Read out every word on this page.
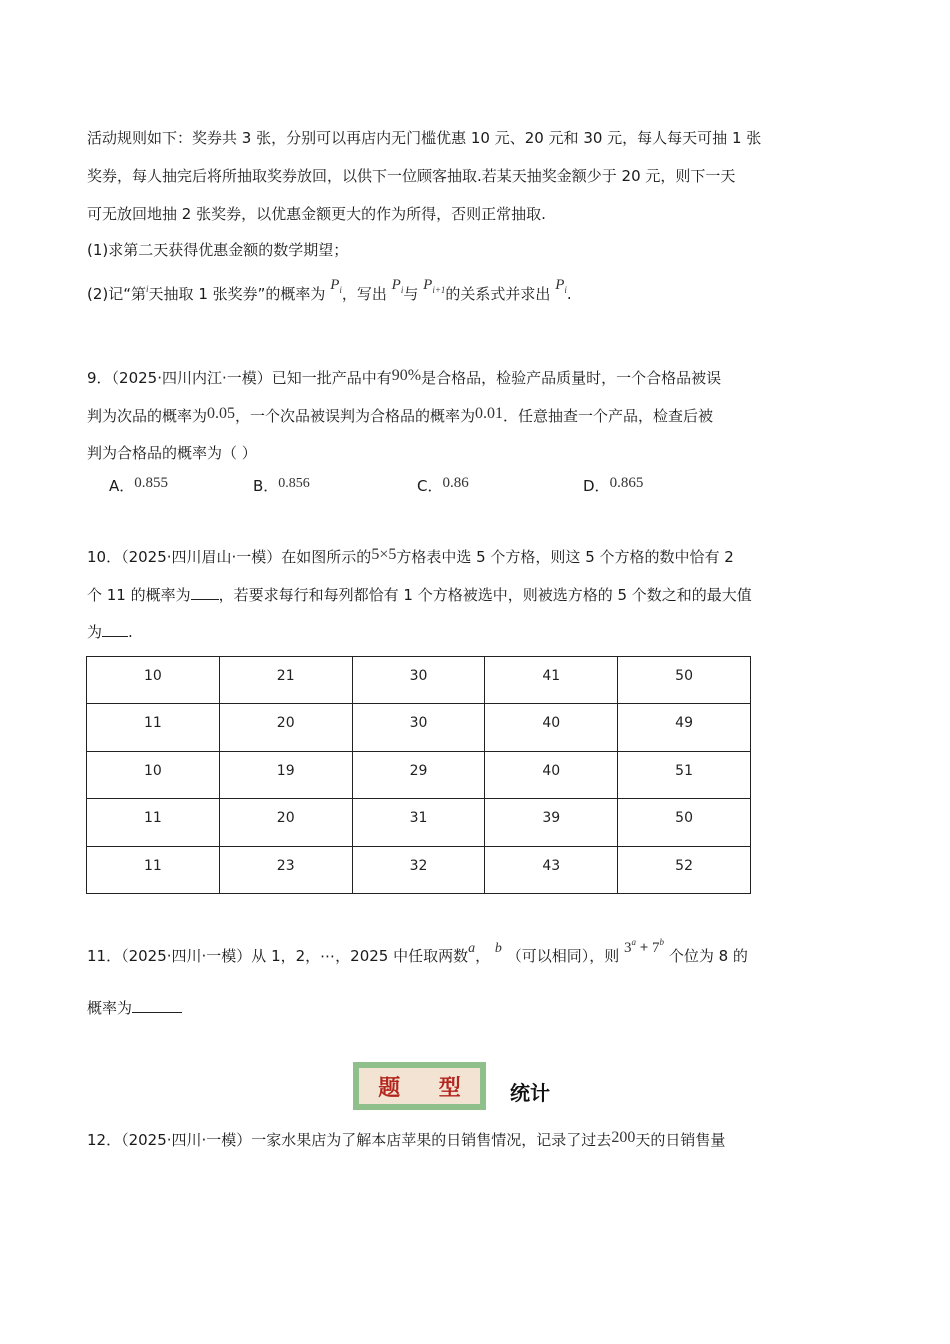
活动规则如下：奖券共 3 张，分别可以再店内无门槛优惠 10 元、20 元和 30 元，每人每天可抽 1 张
奖券，每人抽完后将所抽取奖券放回，以供下一位顾客抽取.若某天抽奖金额少于 20 元，则下一天
可无放回地抽 2 张奖券，以优惠金额更大的作为所得，否则正常抽取.
(1)求第二天获得优惠金额的数学期望；
(2)记“第$^i$天抽取 1 张奖券”的概率为 $P_i$，写出 $P_i$与 $P_{i+1}$的关系式并求出 $P_i$.
9．（2025·四川内江·一模）已知一批产品中有90%是合格品，检验产品质量时，一个合格品被误
判为次品的概率为0.05，一个次品被误判为合格品的概率为0.01．任意抽查一个产品，检查后被
判为合格品的概率为（ ）
A．0.855	B．0.856	C．0.86	D．0.865
10．（2025·四川眉山·一模）在如图所示的5×5方格表中选 5 个方格，则这 5 个方格的数中恰有 2
个 11 的概率为 ，若要求每行和每列都恰有 1 个方格被选中，则被选方格的 5 个数之和的最大值
为 .
10	21	30	41	50
11	20	30	40	49
10	19	29	40	51
11	20	31	39	50
11	23	32	43	52
11．（2025·四川·一模）从 1，2，⋯，2025 中任取两数a， b （可以相同），则 $3^a + 7^b$ 个位为 8 的
概率为
题 型 统计
12．（2025·四川·一模）一家水果店为了解本店苹果的日销售情况，记录了过去200天的日销售量
